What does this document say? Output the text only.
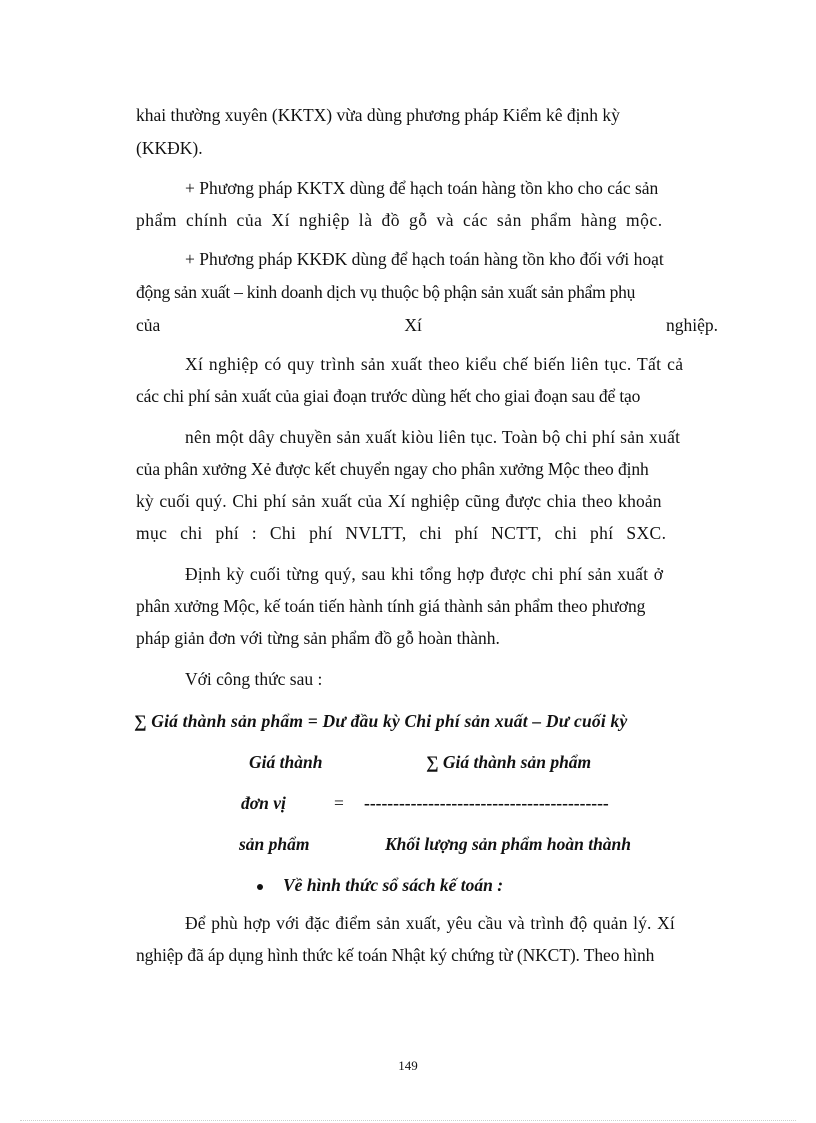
khai thường xuyên (KKTX) vừa dùng phương pháp Kiểm kê định kỳ
(KKĐK).
+ Phương pháp KKTX dùng để hạch toán hàng tồn kho cho các sản
phẩm chính của Xí nghiệp là đồ gỗ và các sản phẩm hàng mộc.
+ Phương pháp KKĐK dùng để hạch toán hàng tồn kho đối với hoạt
động sản xuất – kinh doanh dịch vụ thuộc bộ phận sản xuất sản phẩm phụ
của	Xí	nghiệp.
Xí nghiệp có quy trình sản xuất theo kiểu chế biến liên tục. Tất cả
các chi phí sản xuất của giai đoạn trước dùng hết cho giai đoạn sau để tạo
nên một dây chuyền sản xuất kiòu liên tục. Toàn bộ chi phí sản xuất
của phân xưởng Xẻ được kết chuyển ngay cho phân xưởng Mộc theo định
kỳ cuối quý. Chi phí sản xuất của Xí nghiệp cũng được chia theo khoản
mục chi phí : Chi phí NVLTT, chi phí NCTT, chi phí SXC.
Định kỳ cuối từng quý, sau khi tổng hợp được chi phí sản xuất ở
phân xưởng Mộc, kế toán tiến hành tính giá thành sản phẩm theo phương
pháp giản đơn với từng sản phẩm đồ gỗ hoàn thành.
Với công thức sau :
∑ Giá thành sản phẩm = Dư đầu kỳ Chi phí sản xuất – Dư cuối kỳ
Giá thành	∑ Giá thành sản phẩm
đơn vị	= ------------------------------------------
sản phẩm	Khối lượng sản phẩm hoàn thành
Về hình thức sổ sách kế toán :
Để phù hợp với đặc điểm sản xuất, yêu cầu và trình độ quản lý. Xí
nghiệp đã áp dụng hình thức kế toán Nhật ký chứng từ (NKCT). Theo hình
149
